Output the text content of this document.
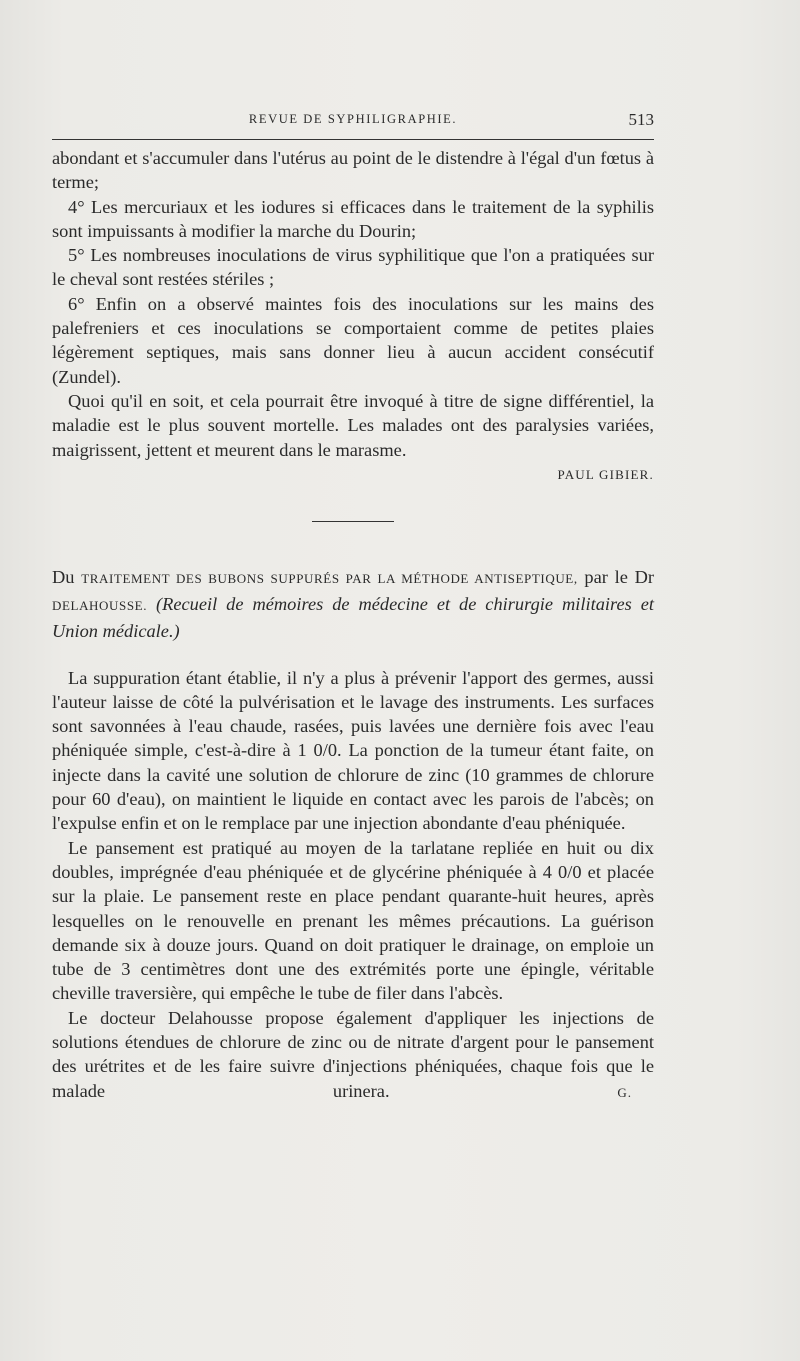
REVUE DE SYPHILIGRAPHIE.	513

abondant et s'accumuler dans l'utérus au point de le distendre à l'égal d'un fœtus à terme;

4° Les mercuriaux et les iodures si efficaces dans le traitement de la syphilis sont impuissants à modifier la marche du Dourin;

5° Les nombreuses inoculations de virus syphilitique que l'on a pratiquées sur le cheval sont restées stériles ;

6° Enfin on a observé maintes fois des inoculations sur les mains des palefreniers et ces inoculations se comportaient comme de petites plaies légèrement septiques, mais sans donner lieu à aucun accident consécutif (Zundel).

Quoi qu'il en soit, et cela pourrait être invoqué à titre de signe différentiel, la maladie est le plus souvent mortelle. Les malades ont des paralysies variées, maigrissent, jettent et meurent dans le marasme.

PAUL GIBIER.

Du TRAITEMENT DES BUBONS SUPPURÉS PAR LA MÉTHODE ANTISEPTIQUE, par le Dr DELAHOUSSE. (Recueil de mémoires de médecine et de chirurgie militaires et Union médicale.)

La suppuration étant établie, il n'y a plus à prévenir l'apport des germes, aussi l'auteur laisse de côté la pulvérisation et le lavage des instruments. Les surfaces sont savonnées à l'eau chaude, rasées, puis lavées une dernière fois avec l'eau phéniquée simple, c'est-à-dire à 1 0/0. La ponction de la tumeur étant faite, on injecte dans la cavité une solution de chlorure de zinc (10 grammes de chlorure pour 60 d'eau), on maintient le liquide en contact avec les parois de l'abcès; on l'expulse enfin et on le remplace par une injection abondante d'eau phéniquée.

Le pansement est pratiqué au moyen de la tarlatane repliée en huit ou dix doubles, imprégnée d'eau phéniquée et de glycérine phéniquée à 4 0/0 et placée sur la plaie. Le pansement reste en place pendant quarante-huit heures, après lesquelles on le renouvelle en prenant les mêmes précautions. La guérison demande six à douze jours. Quand on doit pratiquer le drainage, on emploie un tube de 3 centimètres dont une des extrémités porte une épingle, véritable cheville traversière, qui empêche le tube de filer dans l'abcès.

Le docteur Delahousse propose également d'appliquer les injections de solutions étendues de chlorure de zinc ou de nitrate d'argent pour le pansement des urétrites et de les faire suivre d'injections phéniquées, chaque fois que le malade urinera.	G.
